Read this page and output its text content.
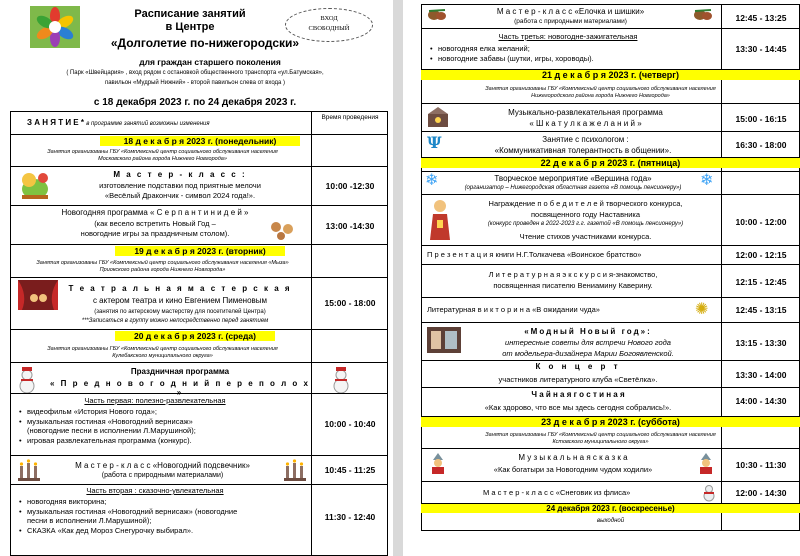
Расписание занятий
в Центре
«Долголетие по-нижегородски»
для граждан старшего поколения
( Парк «Швейцария» , вход рядом с остановкой общественного транспорта «ул.Батумская»,
павильон «Мудрый Нижний» - второй павильон слева от входа )
с 18 декабря 2023 г. по 24 декабря 2023 г.
ВХОД
СВОБОДНЫЙ
З А Н Я Т И Е * в программе занятий возможны изменения
Время проведения
18 д е к а б р я 2023 г. (понедельник)
Занятия организованы ГБУ «Комплексный центр социального обслуживания населения
Московского района города Нижнего Новгорода»
М а с т е р - к л а с с :
изготовление подставки под приятные мелочи
«Весёлый Дракончик - символ 2024 года!».
10:00 -12:30
Новогодняя программа « С е р п а н т и н и д е й »
(как весело встретить Новый Год –
новогодние игры за праздничным столом).
13:00 -14:30
19 д е к а б р я 2023 г. (вторник)
Занятия организованы ГБУ «Комплексный центр социального обслуживания населения «Мыза»
Приокского района города Нижнего Новгорода»
Т е а т р а л ь н а я м а с т е р с к а я
с актером театра и кино Евгением Пименовым
(занятия по актерскому мастерству для посетителей Центра)
***Записаться в группу можно непосредственно перед занятием
15:00 - 18:00
20 д е к а б р я 2023 г. (среда)
Занятия организованы ГБУ «Комплексный центр социального обслуживания населения
Кулебакского муниципального округа»
Праздничная программа
« П р е д н о в о г о д н и й п е р е п о л о х »
Часть первая: полезно-развлекательная
• видеофильм «История Нового года»;
• музыкальная гостиная «Новогодний вернисаж»
(новогодние песни в исполнении Л.Марушиной);
• игровая развлекательная программа (конкурс).
10:00 - 10:40
М а с т е р - к л а с с «Новогодний подсвечник»
(работа с природными материалами)
10:45 - 11:25
Часть вторая : сказочно-увлекательная
• новогодняя викторина;
• музыкальная гостиная «Новогодний вернисаж» (новогодние
песни в исполнении Л.Марушиной);
• СКАЗКА «Как дед Мороз Снегурочку выбирал».
11:30 - 12:40
М а с т е р - к л а с с «Елочка и шишки»
(работа с природными материалами)	12:45 - 13:25
Часть третья: новогодне-зажигательная
• новогодняя елка желаний;
• новогодние забавы (шутки, игры, хороводы).
13:30 - 14:45
21 д е к а б р я 2023 г. (четверг)
Занятия организованы ГБУ «Комплексный центр социального обслуживания населения
Нижегородского района города Нижнего Новгорода»
Музыкально-развлекательная программа
« Ш к а т у л к а ж е л а н и й »	15:00 - 16:15
Ψ	Занятие с психологом :
«Коммуникативная толерантность в общении».
16:30 - 18:00
22 д е к а б р я 2023 г. (пятница)
❄	❄
Творческое мероприятие «Вершина года»
(организатор – Нижегородская областная газета «В помощь пенсионеру»)
Награждение п о б е д и т е л е й творческого конкурса,
посвященного году Наставника
(конкурс проведен в 2022-2023 г.г. газетой «В помощь пенсионеру»)
Чтение стихов участниками конкурса.
10:00 - 12:00
П р е з е н т а ц и я книги Н.Г.Толкачева «Воинское братство»	12:00 - 12:15
Л и т е р а т у р н а я э к с к у р с и я-знакомство,
посвященная писателю Вениамину Каверину.	12:15 - 12:45
Литературная в и к т о р и н а «В ожидании чуда»	✺	12:45 - 13:15
«Модный Новый год»:
интересные советы для встречи Нового года
от модельера-дизайнера Марии Богоявленской.
13:15 - 13:30
К о н ц е р т
участников литературного клуба «Светёлка».	13:30 - 14:00
Ч а й н а я г о с т и н а я
«Как здорово, что все мы здесь сегодня собрались!».
14:00 - 14:30
23 д е к а б р я 2023 г. (суббота)
Занятия организованы ГБУ «Комплексный центр социального обслуживания населения
Кстовского муниципального округа»
М у з ы к а л ь н а я с к а з к а
«Как богатыри за Новогодним чудом ходили»	10:30 - 11:30
М а с т е р - к л а с с «Снеговик из флиса»	12:00 - 14:30
24 декабря 2023 г. (воскресенье)
выходной
